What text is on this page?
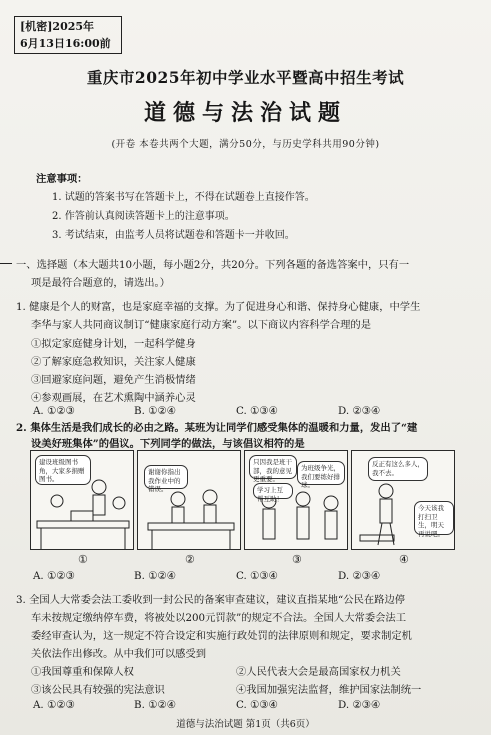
[机密]2025年
6月13日16:00前
重庆市2025年初中学业水平暨高中招生考试
道德与法治试题
(开卷 本卷共两个大题，满分50分，与历史学科共用90分钟)
注意事项：
1. 试题的答案书写在答题卡上，不得在试题卷上直接作答。
2. 作答前认真阅读答题卡上的注意事项。
3. 考试结束，由监考人员将试题卷和答题卡一并收回。
一、选择题（本大题共10小题，每小题2分，共20分。下列各题的备选答案中，只有一
项是最符合题意的，请选出。）
1. 健康是个人的财富，也是家庭幸福的支撑。为了促进身心和谐、保持身心健康，中学生
李华与家人共同商议制订“健康家庭行动方案”。以下商议内容科学合理的是
①拟定家庭健身计划，一起科学健身
②了解家庭急救知识，关注家人健康
③回避家庭问题，避免产生消极情绪
④参观画展，在艺术熏陶中涵养心灵
A. ①②③	B. ①②④	C. ①③④	D. ②③④
2. 集体生活是我们成长的必由之路。某班为让同学们感受集体的温暖和力量，发出了“建
建设班级图书角，大家多捐赠图书。
谢谢你指出我作业中的错误。
只因我是班干部，我的意见更重要。
为班级争光，我们要练好排球。
学习上互帮互助！
反正有这么多人，我不去。
今天该我打扫卫生，明天再说吧。
①	②	③	④
A. ①②③	B. ①②④	C. ①③④	D. ②③④
3. 全国人大常委会法工委收到一封公民的备案审查建议，建议直指某地“公民在路边停
车未按规定缴纳停车费，将被处以200元罚款”的规定不合法。全国人大常委会法工
委经审查认为，这一规定不符合设定和实施行政处罚的法律原则和规定，要求制定机
关依法作出修改。从中我们可以感受到
①我国尊重和保障人权	②人民代表大会是最高国家权力机关
③该公民具有较强的宪法意识	④我国加强宪法监督，维护国家法制统一
A. ①②③	B. ①②④	C. ①③④	D. ②③④
道德与法治试题 第1页（共6页）
设美好班集体”的倡议。下列同学的做法，与该倡议相符的是
